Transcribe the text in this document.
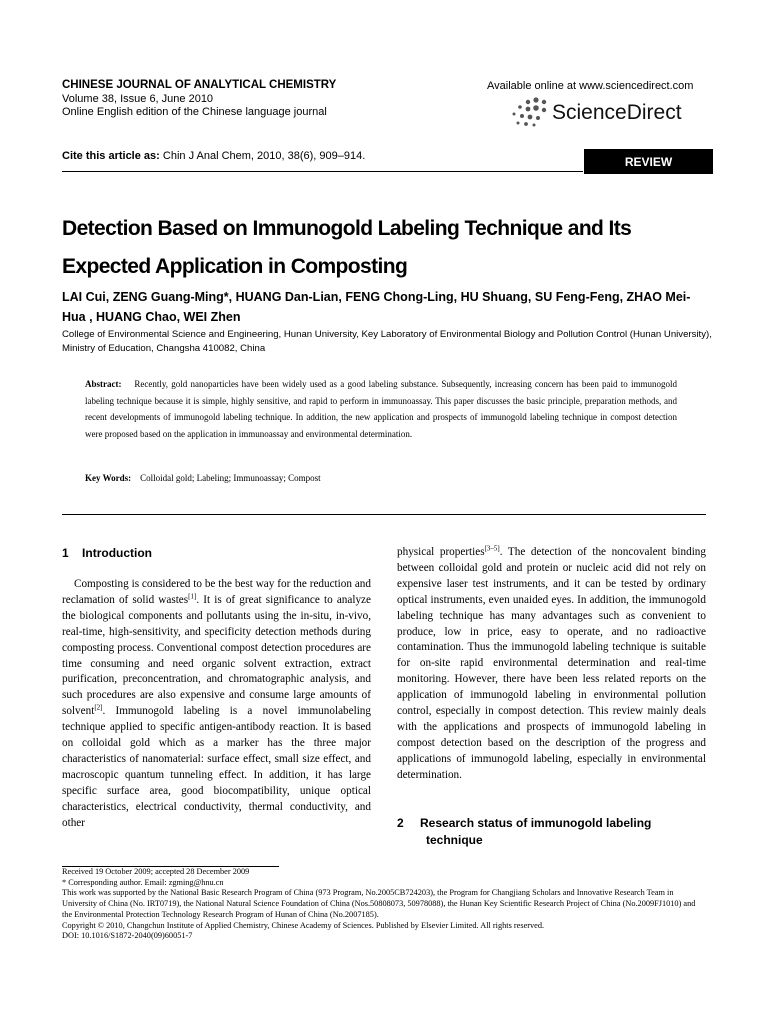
CHINESE JOURNAL OF ANALYTICAL CHEMISTRY
Volume 38, Issue 6, June 2010
Online English edition of the Chinese language journal
Available online at www.sciencedirect.com
ScienceDirect
Cite this article as: Chin J Anal Chem, 2010, 38(6), 909–914.	REVIEW
Detection Based on Immunogold Labeling Technique and Its Expected Application in Composting
LAI Cui, ZENG Guang-Ming*, HUANG Dan-Lian, FENG Chong-Ling, HU Shuang, SU Feng-Feng, ZHAO Mei-Hua , HUANG Chao, WEI Zhen
College of Environmental Science and Engineering, Hunan University, Key Laboratory of Environmental Biology and Pollution Control (Hunan University), Ministry of Education, Changsha 410082, China
Abstract: Recently, gold nanoparticles have been widely used as a good labeling substance. Subsequently, increasing concern has been paid to immunogold labeling technique because it is simple, highly sensitive, and rapid to perform in immunoassay. This paper discusses the basic principle, preparation methods, and recent developments of immunogold labeling technique. In addition, the new application and prospects of immunogold labeling technique in compost detection were proposed based on the application in immunoassay and environmental determination.
Key Words: Colloidal gold; Labeling; Immunoassay; Compost
1 Introduction

Composting is considered to be the best way for the reduction and reclamation of solid wastes[1]. It is of great significance to analyze the biological components and pollutants using the in-situ, in-vivo, real-time, high-sensitivity, and specificity detection methods during composting process. Conventional compost detection procedures are time consuming and need organic solvent extraction, extract purification, preconcentration, and chromatographic analysis, and such procedures are also expensive and consume large amounts of solvent[2]. Immunogold labeling is a novel immunolabeling technique applied to specific antigen-antibody reaction. It is based on colloidal gold which as a marker has the three major characteristics of nanomaterial: surface effect, small size effect, and macroscopic quantum tunneling effect. In addition, it has large specific surface area, good biocompatibility, unique optical characteristics, electrical conductivity, thermal conductivity, and other

physical properties[3–5]. The detection of the noncovalent binding between colloidal gold and protein or nucleic acid did not rely on expensive laser test instruments, and it can be tested by ordinary optical instruments, even unaided eyes. In addition, the immunogold labeling technique has many advantages such as convenient to produce, low in price, easy to operate, and no radioactive contamination. Thus the immunogold labeling technique is suitable for on-site rapid environmental determination and real-time monitoring. However, there have been less related reports on the application of immunogold labeling in environmental pollution control, especially in compost detection. This review mainly deals with the applications and prospects of immunogold labeling in compost detection based on the description of the progress and applications of immunogold labeling, especially in environmental determination.

2 Research status of immunogold labeling
technique
Received 19 October 2009; accepted 28 December 2009
* Corresponding author. Email: zgming@hnu.cn
This work was supported by the National Basic Research Program of China (973 Program, No.2005CB724203), the Program for Changjiang Scholars and Innovative Research Team in University of China (No. IRT0719), the National Natural Science Foundation of China (Nos.50808073, 50978088), the Hunan Key Scientific Research Project of China (No.2009FJ1010) and the Environmental Protection Technology Research Program of Hunan of China (No.2007185).
Copyright © 2010, Changchun Institute of Applied Chemistry, Chinese Academy of Sciences. Published by Elsevier Limited. All rights reserved.
DOI: 10.1016/S1872-2040(09)60051-7
